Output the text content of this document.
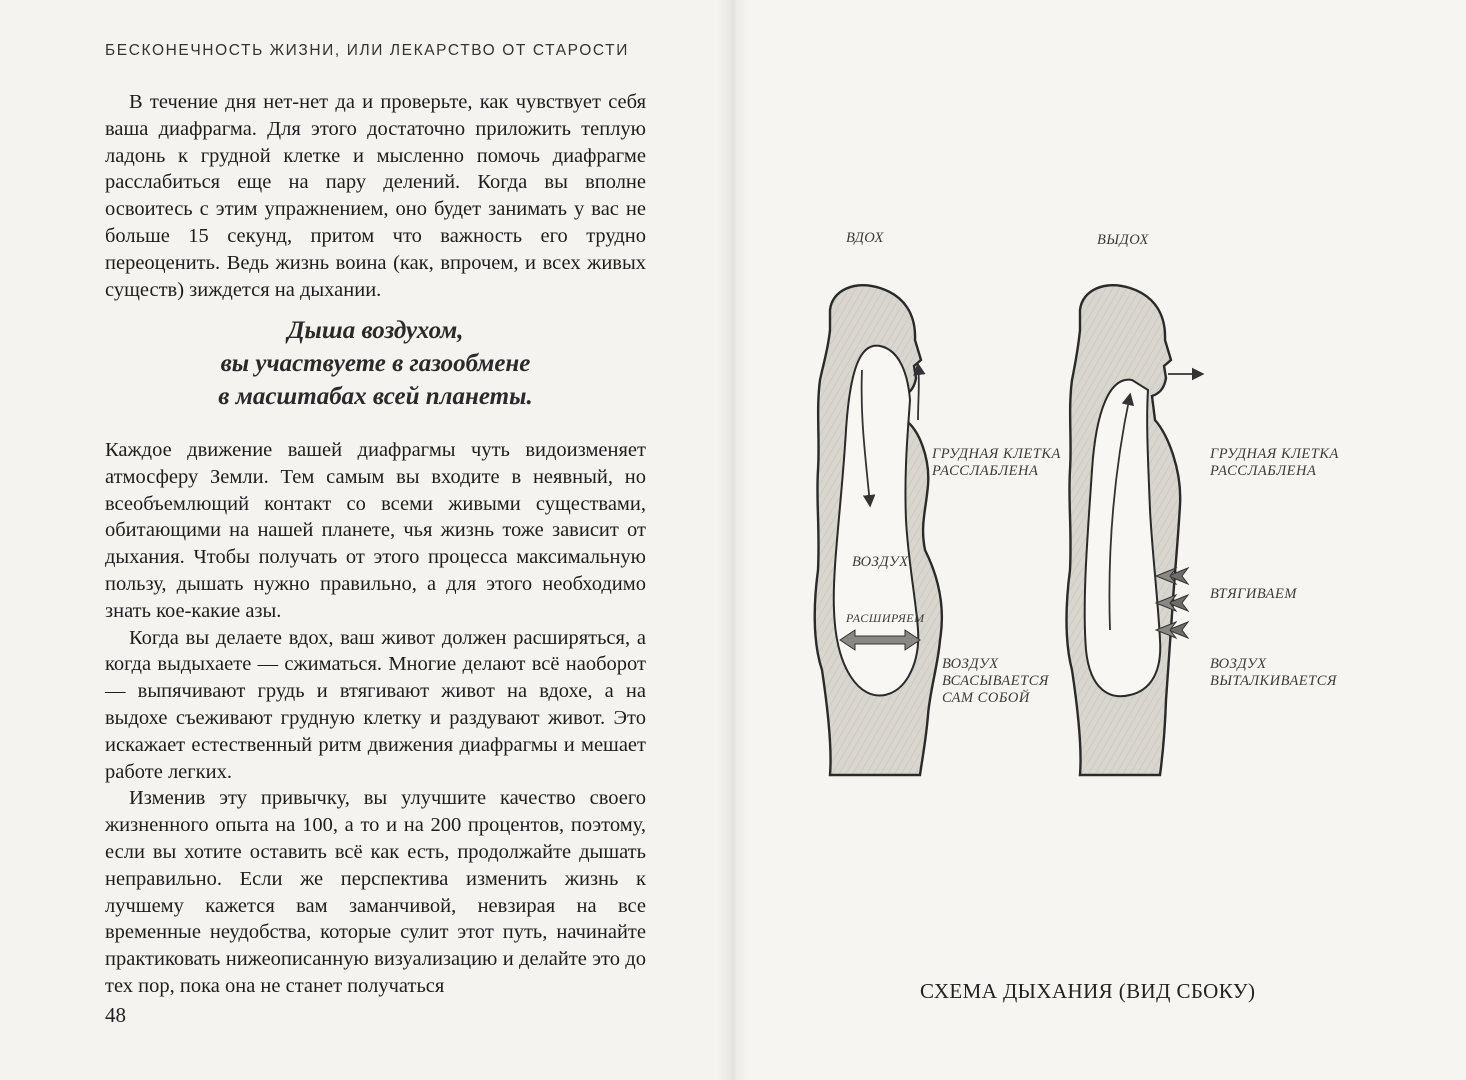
БЕСКОНЕЧНОСТЬ ЖИЗНИ, ИЛИ ЛЕКАРСТВО ОТ СТАРОСТИ

В течение дня нет-нет да и проверьте, как чувствует себя ваша диафрагма. Для этого достаточно приложить теплую ладонь к грудной клетке и мысленно помочь диафрагме расслабиться еще на пару делений. Когда вы вполне освоитесь с этим упражнением, оно будет занимать у вас не больше 15 секунд, притом что важность его трудно переоценить. Ведь жизнь воина (как, впрочем, и всех живых существ) зиждется на дыхании.

Дыша воздухом,
вы участвуете в газообмене
в масштабах всей планеты.

Каждое движение вашей диафрагмы чуть видоизменяет атмосферу Земли. Тем самым вы входите в неявный, но всеобъемлющий контакт со всеми живыми существами, обитающими на нашей планете, чья жизнь тоже зависит от дыхания. Чтобы получать от этого процесса максимальную пользу, дышать нужно правильно, а для этого необходимо знать кое-какие азы.

Когда вы делаете вдох, ваш живот должен расширяться, а когда выдыхаете — сжиматься. Многие делают всё наоборот — выпячивают грудь и втягивают живот на вдохе, а на выдохе съеживают грудную клетку и раздувают живот. Это искажает естественный ритм движения диафрагмы и мешает работе легких.

Изменив эту привычку, вы улучшите качество своего жизненного опыта на 100, а то и на 200 процентов, поэтому, если вы хотите оставить всё как есть, продолжайте дышать неправильно. Если же перспектива изменить жизнь к лучшему кажется вам заманчивой, невзирая на все временные неудобства, которые сулит этот путь, начинайте практиковать нижеописанную визуализацию и делайте это до тех пор, пока она не станет получаться

48
ВДОХ	ВЫДОХ
ГРУДНАЯ КЛЕТКА
РАССЛАБЛЕНА
ГРУДНАЯ КЛЕТКА
РАССЛАБЛЕНА
ВОЗДУХ
РАСШИРЯЕМ
ВТЯГИВАЕМ
ВОЗДУХ
ВСАСЫВАЕТСЯ
САМ СОБОЙ
ВОЗДУХ
ВЫТАЛКИВАЕТСЯ
СХЕМА ДЫХАНИЯ (ВИД СБОКУ)
